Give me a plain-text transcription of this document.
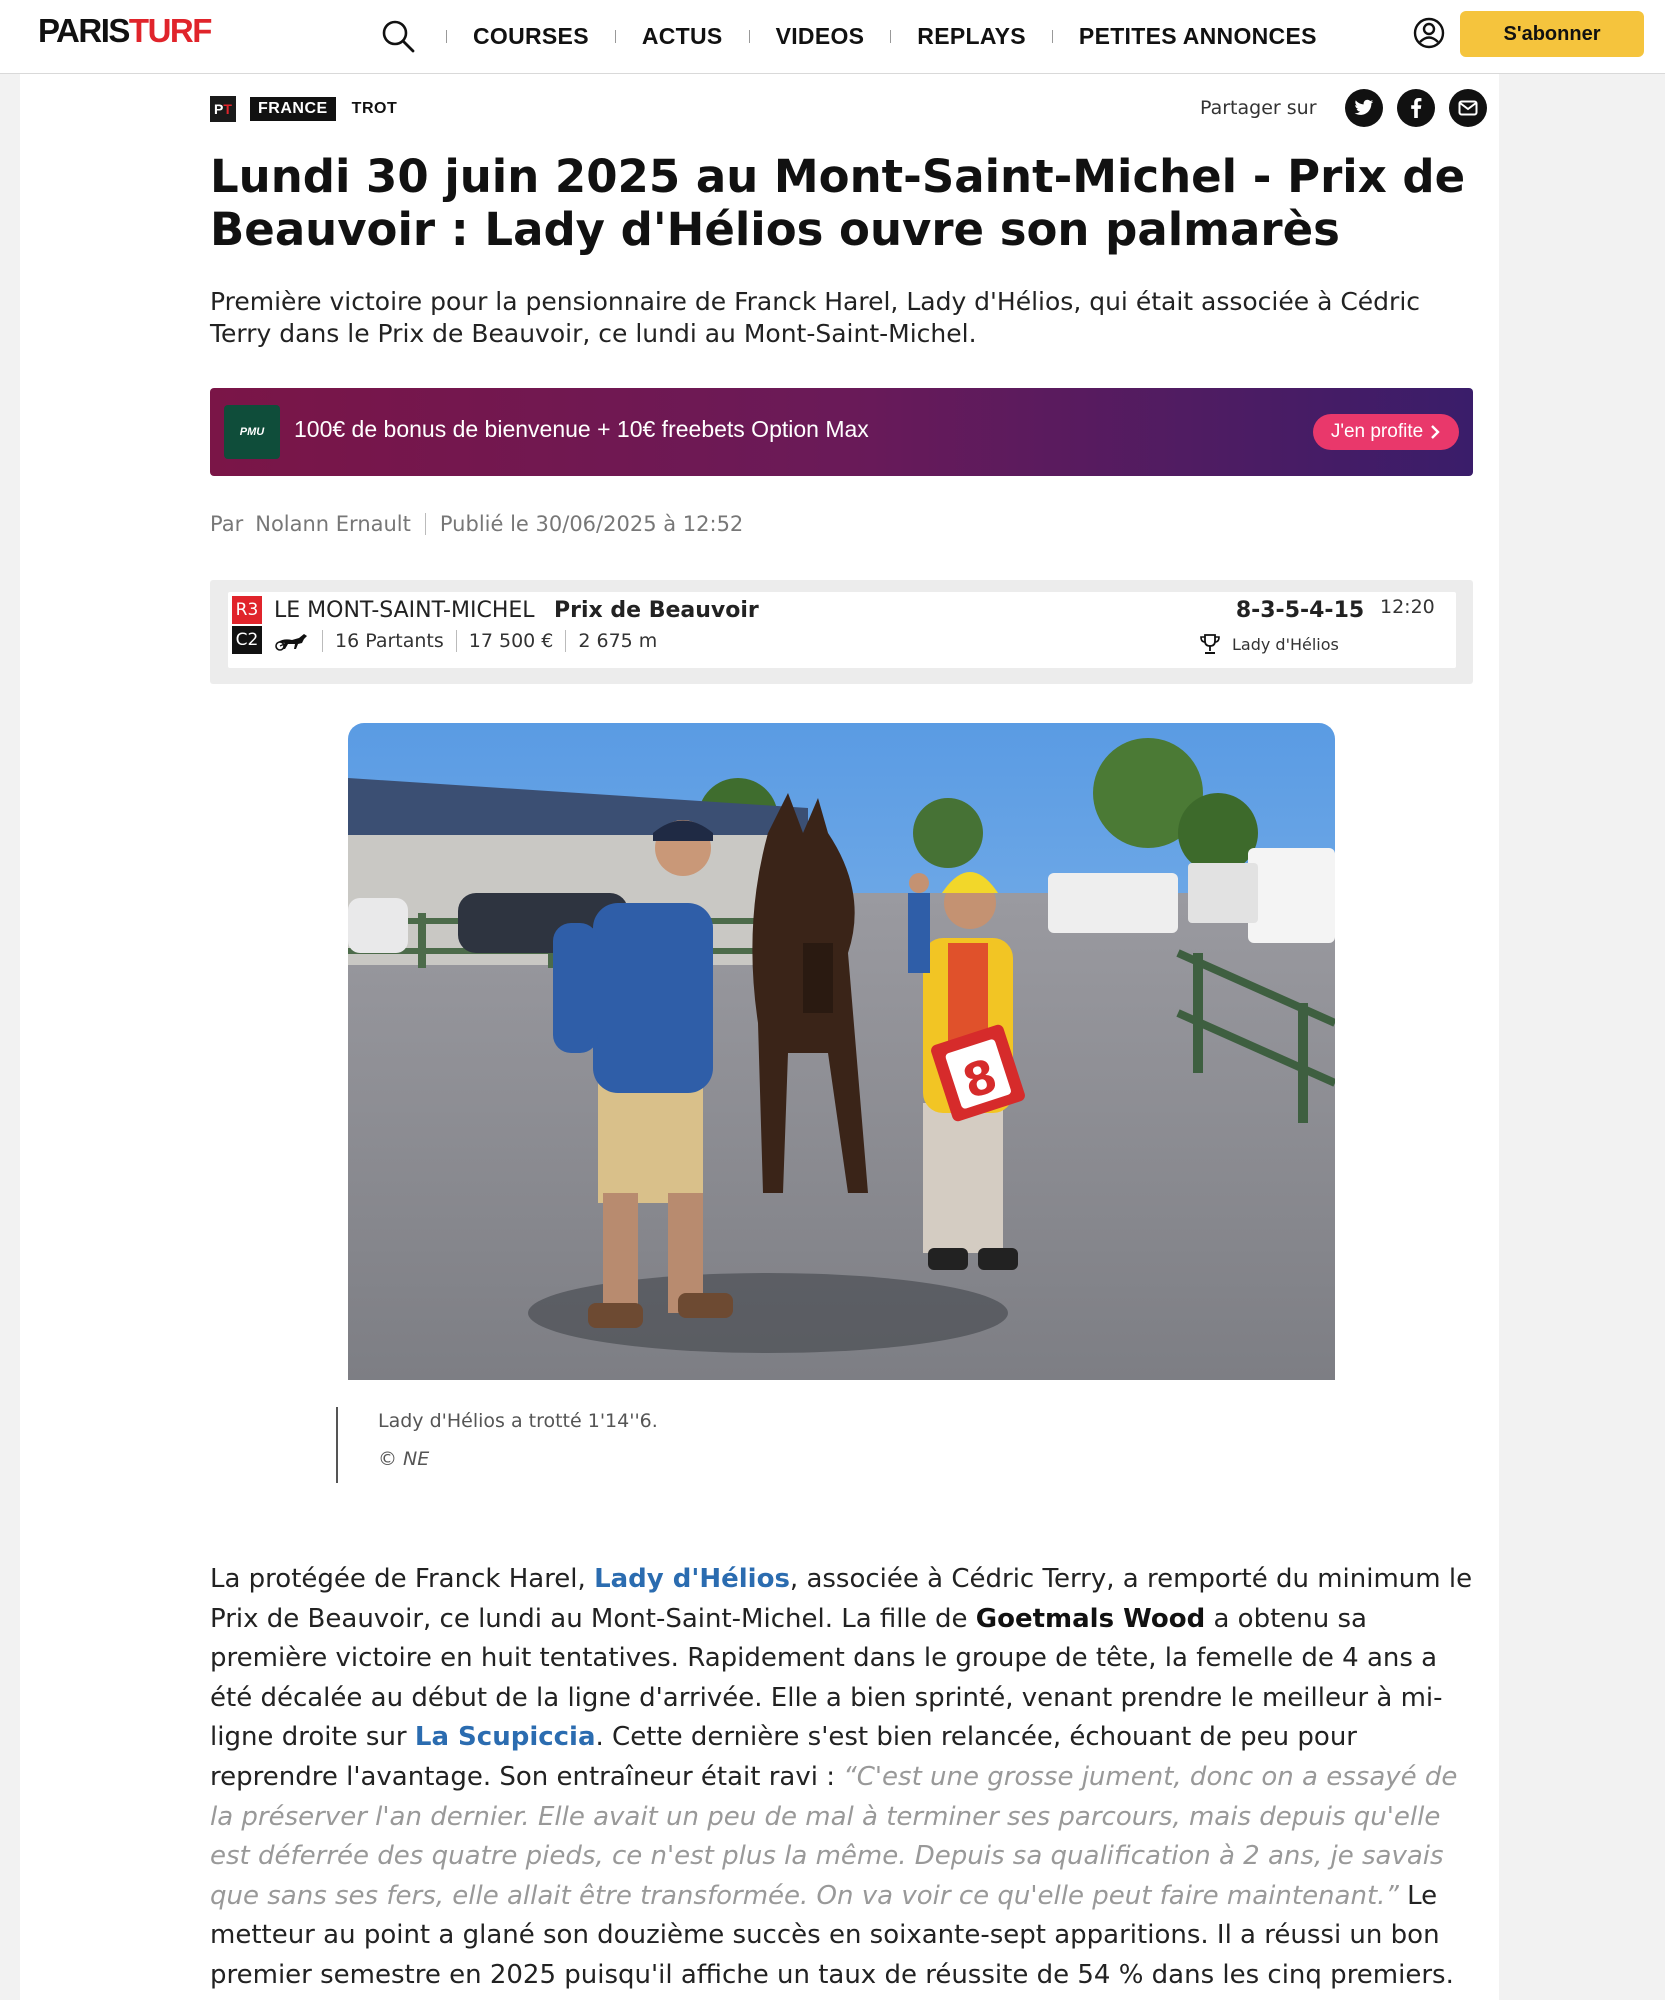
PARISTURF	COURSES ACTUS VIDEOS REPLAYS PETITES ANNONCES	S'abonner
P T	FRANCE	TROT	Partager sur
Lundi 30 juin 2025 au Mont-Saint-Michel - Prix de Beauvoir : Lady d'Hélios ouvre son palmarès

Première victoire pour la pensionnaire de Franck Harel, Lady d'Hélios, qui était associée à Cédric Terry dans le Prix de Beauvoir, ce lundi au Mont-Saint-Michel.

PMU	100€ de bonus de bienvenue + 10€ freebets Option Max	J'en profite
Par Nolann Ernault Publié le 30/06/2025 à 12:52
R3
C2
LE MONT-SAINT-MICHEL Prix de Beauvoir
16 Partants 17 500 € 2 675 m
8-3-5-4-15
Lady d'Hélios
12:20
8
Lady d'Hélios a trotté 1'14''6.
© NE

La protégée de Franck Harel, Lady d'Hélios, associée à Cédric Terry, a remporté du minimum le Prix de Beauvoir, ce lundi au Mont-Saint-Michel. La fille de Goetmals Wood a obtenu sa première victoire en huit tentatives. Rapidement dans le groupe de tête, la femelle de 4 ans a été décalée au début de la ligne d'arrivée. Elle a bien sprinté, venant prendre le meilleur à mi-ligne droite sur La Scupiccia. Cette dernière s'est bien relancée, échouant de peu pour reprendre l'avantage. Son entraîneur était ravi : “C'est une grosse jument, donc on a essayé de la préserver l'an dernier. Elle avait un peu de mal à terminer ses parcours, mais depuis qu'elle est déferrée des quatre pieds, ce n'est plus la même. Depuis sa qualification à 2 ans, je savais que sans ses fers, elle allait être transformée. On va voir ce qu'elle peut faire maintenant.” Le metteur au point a glané son douzième succès en soixante-sept apparitions. Il a réussi un bon premier semestre en 2025 puisqu'il affiche un taux de réussite de 54 % dans les cinq premiers.
